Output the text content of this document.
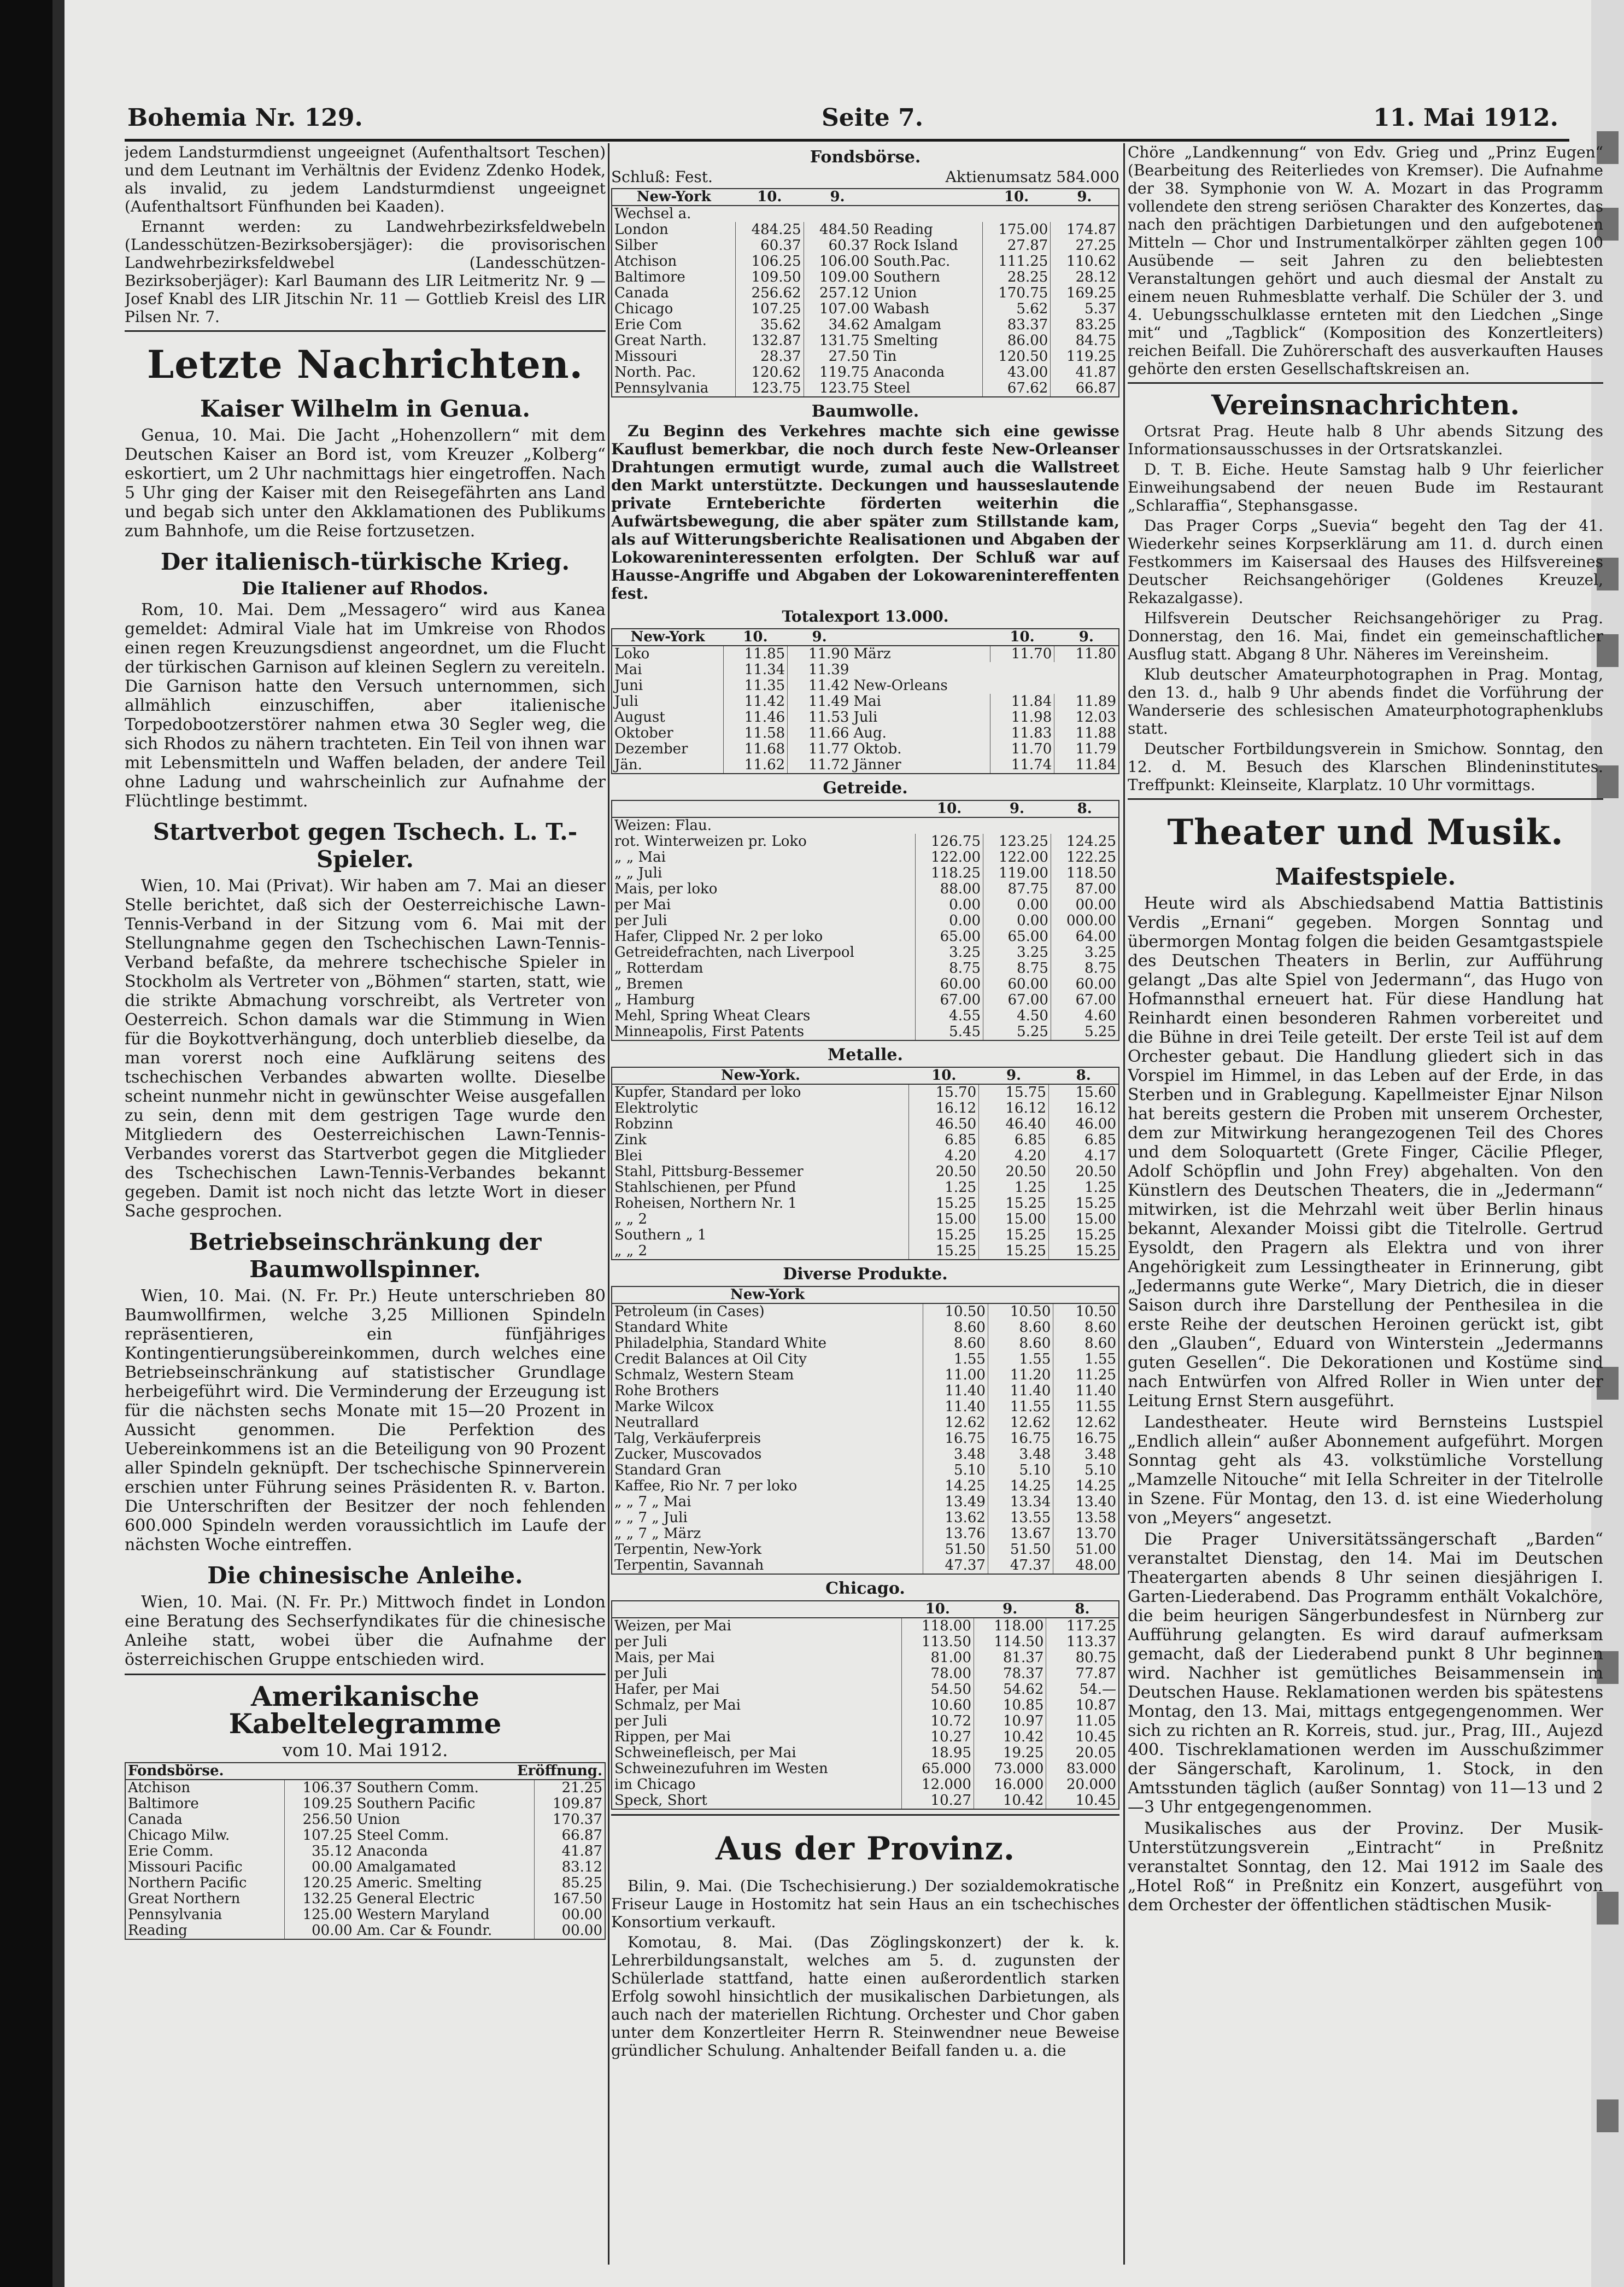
Bohemia Nr. 129.	Seite 7.	11. Mai 1912.

jedem Landsturmdienst ungeeignet (Aufenthaltsort Teschen) und dem Leutnant im Verhältnis der Evidenz Zdenko Hodek, als invalid, zu jedem Landsturmdienst ungeeignet (Aufenthaltsort Fünfhunden bei Kaaden).

Ernannt werden: zu Landwehrbezirksfeldwebeln (Landesschützen-Bezirksobersjäger): die provisorischen Landwehrbezirksfeldwebel (Landesschützen-Bezirksoberjäger): Karl Baumann des LIR Leitmeritz Nr. 9 — Josef Knabl des LIR Jitschin Nr. 11 — Gottlieb Kreisl des LIR Pilsen Nr. 7.

Letzte Nachrichten.
Kaiser Wilhelm in Genua.

Genua, 10. Mai. Die Jacht „Hohenzollern“ mit dem Deutschen Kaiser an Bord ist, vom Kreuzer „Kolberg“ eskortiert, um 2 Uhr nachmittags hier eingetroffen. Nach 5 Uhr ging der Kaiser mit den Reisegefährten ans Land und begab sich unter den Akklamationen des Publikums zum Bahnhofe, um die Reise fortzusetzen.

Der italienisch-türkische Krieg.
Die Italiener auf Rhodos.

Rom, 10. Mai. Dem „Messagero“ wird aus Kanea gemeldet: Admiral Viale hat im Umkreise von Rhodos einen regen Kreuzungsdienst angeordnet, um die Flucht der türkischen Garnison auf kleinen Seglern zu vereiteln. Die Garnison hatte den Versuch unternommen, sich allmählich einzuschiffen, aber italienische Torpedobootzerstörer nahmen etwa 30 Segler weg, die sich Rhodos zu nähern trachteten. Ein Teil von ihnen war mit Lebensmitteln und Waffen beladen, der andere Teil ohne Ladung und wahrscheinlich zur Aufnahme der Flüchtlinge bestimmt.

Startverbot gegen Tschech. L. T.-Spieler.

Wien, 10. Mai (Privat). Wir haben am 7. Mai an dieser Stelle berichtet, daß sich der Oesterreichische Lawn-Tennis-Verband in der Sitzung vom 6. Mai mit der Stellungnahme gegen den Tschechischen Lawn-Tennis-Verband befaßte, da mehrere tschechische Spieler in Stockholm als Vertreter von „Böhmen“ starten, statt, wie die strikte Abmachung vorschreibt, als Vertreter von Oesterreich. Schon damals war die Stimmung in Wien für die Boykottverhängung, doch unterblieb dieselbe, da man vorerst noch eine Aufklärung seitens des tschechischen Verbandes abwarten wollte. Dieselbe scheint nunmehr nicht in gewünschter Weise ausgefallen zu sein, denn mit dem gestrigen Tage wurde den Mitgliedern des Oesterreichischen Lawn-Tennis-Verbandes vorerst das Startverbot gegen die Mitglieder des Tschechischen Lawn-Tennis-Verbandes bekannt gegeben. Damit ist noch nicht das letzte Wort in dieser Sache gesprochen.

Betriebseinschränkung der Baumwollspinner.

Wien, 10. Mai. (N. Fr. Pr.) Heute unterschrieben 80 Baumwollfirmen, welche 3,25 Millionen Spindeln repräsentieren, ein fünfjähriges Kontingentierungsübereinkommen, durch welches eine Betriebseinschränkung auf statistischer Grundlage herbeigeführt wird. Die Verminderung der Erzeugung ist für die nächsten sechs Monate mit 15—20 Prozent in Aussicht genommen. Die Perfektion des Uebereinkommens ist an die Beteiligung von 90 Prozent aller Spindeln geknüpft. Der tschechische Spinnerverein erschien unter Führung seines Präsidenten R. v. Barton. Die Unterschriften der Besitzer der noch fehlenden 600.000 Spindeln werden voraussichtlich im Laufe der nächsten Woche eintreffen.

Die chinesische Anleihe.

Wien, 10. Mai. (N. Fr. Pr.) Mittwoch findet in London eine Beratung des Sechserfyndikates für die chinesische Anleihe statt, wobei über die Aufnahme der österreichischen Gruppe entschieden wird.

Amerikanische Kabeltelegramme
vom 10. Mai 1912.
Fondsbörse.		Eröffnung.	
Atchison	106.37	Southern Comm.	21.25
Baltimore	109.25	Southern Pacific	109.87
Canada	256.50	Union	170.37
Chicago Milw.	107.25	Steel Comm.	66.87
Erie Comm.	35.12	Anaconda	41.87
Missouri Pacific	00.00	Amalgamated	83.12
Northern Pacific	120.25	Americ. Smelting	85.25
Great Northern	132.25	General Electric	167.50
Pennsylvania	125.00	Western Maryland	00.00
Reading	00.00	Am. Car & Foundr.	00.00
Fondsbörse.
Schluß: Fest.	Aktienumsatz 584.000
New-York	10.	9.		10.	9.
Wechsel a.					
London	484.25	484.50	Reading	175.00	174.87
Silber	60.37	60.37	Rock Island	27.87	27.25
Atchison	106.25	106.00	South.Pac.	111.25	110.62
Baltimore	109.50	109.00	Southern	28.25	28.12
Canada	256.62	257.12	Union	170.75	169.25
Chicago	107.25	107.00	Wabash	5.62	5.37
Erie Com	35.62	34.62	Amalgam	83.37	83.25
Great Narth.	132.87	131.75	Smelting	86.00	84.75
Missouri	28.37	27.50	Tin	120.50	119.25
North. Pac.	120.62	119.75	Anaconda	43.00	41.87
Pennsylvania	123.75	123.75	Steel	67.62	66.87
Baumwolle.

Zu Beginn des Verkehres machte sich eine gewisse Kauflust bemerkbar, die noch durch feste New-Orleanser Drahtungen ermutigt wurde, zumal auch die Wallstreet den Markt unterstützte. Deckungen und hausseslautende private Ernteberichte förderten weiterhin die Aufwärtsbewegung, die aber später zum Stillstande kam, als auf Witterungsberichte Realisationen und Abgaben der Lokowareninteressenten erfolgten. Der Schluß war auf Hausse-Angriffe und Abgaben der Lokowarenintereffenten fest.

Totalexport 13.000.
New-York	10.	9.		10.	9.
Loko	11.85	11.90	März	11.70	11.80
Mai	11.34	11.39			
Juni	11.35	11.42	New-Orleans		
Juli	11.42	11.49	Mai	11.84	11.89
August	11.46	11.53	Juli	11.98	12.03
Oktober	11.58	11.66	Aug.	11.83	11.88
Dezember	11.68	11.77	Oktob.	11.70	11.79
Jän.	11.62	11.72	Jänner	11.74	11.84
Getreide.
	10.	9.	8.
Weizen: Flau.			
rot. Winterweizen pr. Loko	126.75	123.25	124.25
„ „ Mai	122.00	122.00	122.25
„ „ Juli	118.25	119.00	118.50
Mais, per loko	88.00	87.75	87.00
per Mai	0.00	0.00	00.00
per Juli	0.00	0.00	000.00
Hafer, Clipped Nr. 2 per loko	65.00	65.00	64.00
Getreidefrachten, nach Liverpool	3.25	3.25	3.25
„ Rotterdam	8.75	8.75	8.75
„ Bremen	60.00	60.00	60.00
„ Hamburg	67.00	67.00	67.00
Mehl, Spring Wheat Clears	4.55	4.50	4.60
Minneapolis, First Patents	5.45	5.25	5.25
Metalle.
New-York.	10.	9.	8.
Kupfer, Standard per loko	15.70	15.75	15.60
Elektrolytic	16.12	16.12	16.12
Robzinn	46.50	46.40	46.00
Zink	6.85	6.85	6.85
Blei	4.20	4.20	4.17
Stahl, Pittsburg-Bessemer	20.50	20.50	20.50
Stahlschienen, per Pfund	1.25	1.25	1.25
Roheisen, Northern Nr. 1	15.25	15.25	15.25
„ „ 2	15.00	15.00	15.00
Southern „ 1	15.25	15.25	15.25
„ „ 2	15.25	15.25	15.25
Diverse Produkte.
New-York			
Petroleum (in Cases)	10.50	10.50	10.50
Standard White	8.60	8.60	8.60
Philadelphia, Standard White	8.60	8.60	8.60
Credit Balances at Oil City	1.55	1.55	1.55
Schmalz, Western Steam	11.00	11.20	11.25
Rohe Brothers	11.40	11.40	11.40
Marke Wilcox	11.40	11.55	11.55
Neutrallard	12.62	12.62	12.62
Talg, Verkäuferpreis	16.75	16.75	16.75
Zucker, Muscovados	3.48	3.48	3.48
Standard Gran	5.10	5.10	5.10
Kaffee, Rio Nr. 7 per loko	14.25	14.25	14.25
„ „ 7 „ Mai	13.49	13.34	13.40
„ „ 7 „ Juli	13.62	13.55	13.58
„ „ 7 „ März	13.76	13.67	13.70
Terpentin, New-York	51.50	51.50	51.00
Terpentin, Savannah	47.37	47.37	48.00
Chicago.
	10.	9.	8.
Weizen, per Mai	118.00	118.00	117.25
per Juli	113.50	114.50	113.37
Mais, per Mai	81.00	81.37	80.75
per Juli	78.00	78.37	77.87
Hafer, per Mai	54.50	54.62	54.—
Schmalz, per Mai	10.60	10.85	10.87
per Juli	10.72	10.97	11.05
Rippen, per Mai	10.27	10.42	10.45
Schweinefleisch, per Mai	18.95	19.25	20.05
Schweinezufuhren im Westen	65.000	73.000	83.000
im Chicago	12.000	16.000	20.000
Speck, Short	10.27	10.42	10.45
Aus der Provinz.

Bilin, 9. Mai. (Die Tschechisierung.) Der sozialdemokratische Friseur Lauge in Hostomitz hat sein Haus an ein tschechisches Konsortium verkauft.

Komotau, 8. Mai. (Das Zöglingskonzert) der k. k. Lehrerbildungsanstalt, welches am 5. d. zugunsten der Schülerlade stattfand, hatte einen außerordentlich starken Erfolg sowohl hinsichtlich der musikalischen Darbietungen, als auch nach der materiellen Richtung. Orchester und Chor gaben unter dem Konzertleiter Herrn R. Steinwendner neue Beweise gründlicher Schulung. Anhaltender Beifall fanden u. a. die

Chöre „Landkennung“ von Edv. Grieg und „Prinz Eugen“ (Bearbeitung des Reiterliedes von Kremser). Die Aufnahme der 38. Symphonie von W. A. Mozart in das Programm vollendete den streng seriösen Charakter des Konzertes, das nach den prächtigen Darbietungen und den aufgebotenen Mitteln — Chor und Instrumentalkörper zählten gegen 100 Ausübende — seit Jahren zu den beliebtesten Veranstaltungen gehört und auch diesmal der Anstalt zu einem neuen Ruhmesblatte verhalf. Die Schüler der 3. und 4. Uebungsschulklasse ernteten mit den Liedchen „Singe mit“ und „Tagblick“ (Komposition des Konzertleiters) reichen Beifall. Die Zuhörerschaft des ausverkauften Hauses gehörte den ersten Gesellschaftskreisen an.

Vereinsnachrichten.

Ortsrat Prag. Heute halb 8 Uhr abends Sitzung des Informationsausschusses in der Ortsratskanzlei.

D. T. B. Eiche. Heute Samstag halb 9 Uhr feierlicher Einweihungsabend der neuen Bude im Restaurant „Schlaraffia“, Stephansgasse.

Das Prager Corps „Suevia“ begeht den Tag der 41. Wiederkehr seines Korpserklärung am 11. d. durch einen Festkommers im Kaisersaal des Hauses des Hilfsvereines Deutscher Reichsangehöriger (Goldenes Kreuzel, Rekazalgasse).

Hilfsverein Deutscher Reichsangehöriger zu Prag. Donnerstag, den 16. Mai, findet ein gemeinschaftlicher Ausflug statt. Abgang 8 Uhr. Näheres im Vereinsheim.

Klub deutscher Amateurphotographen in Prag. Montag, den 13. d., halb 9 Uhr abends findet die Vorführung der Wanderserie des schlesischen Amateurphotographenklubs statt.

Deutscher Fortbildungsverein in Smichow. Sonntag, den 12. d. M. Besuch des Klarschen Blindeninstitutes. Treffpunkt: Kleinseite, Klarplatz. 10 Uhr vormittags.

Theater und Musik.
Maifestspiele.

Heute wird als Abschiedsabend Mattia Battistinis Verdis „Ernani“ gegeben. Morgen Sonntag und übermorgen Montag folgen die beiden Gesamtgastspiele des Deutschen Theaters in Berlin, zur Aufführung gelangt „Das alte Spiel von Jedermann“, das Hugo von Hofmannsthal erneuert hat. Für diese Handlung hat Reinhardt einen besonderen Rahmen vorbereitet und die Bühne in drei Teile geteilt. Der erste Teil ist auf dem Orchester gebaut. Die Handlung gliedert sich in das Vorspiel im Himmel, in das Leben auf der Erde, in das Sterben und in Grablegung. Kapellmeister Ejnar Nilson hat bereits gestern die Proben mit unserem Orchester, dem zur Mitwirkung herangezogenen Teil des Chores und dem Soloquartett (Grete Finger, Cäcilie Pfleger, Adolf Schöpflin und John Frey) abgehalten. Von den Künstlern des Deutschen Theaters, die in „Jedermann“ mitwirken, ist die Mehrzahl weit über Berlin hinaus bekannt, Alexander Moissi gibt die Titelrolle. Gertrud Eysoldt, den Pragern als Elektra und von ihrer Angehörigkeit zum Lessingtheater in Erinnerung, gibt „Jedermanns gute Werke“, Mary Dietrich, die in dieser Saison durch ihre Darstellung der Penthesilea in die erste Reihe der deutschen Heroinen gerückt ist, gibt den „Glauben“, Eduard von Winterstein „Jedermanns guten Gesellen“. Die Dekorationen und Kostüme sind nach Entwürfen von Alfred Roller in Wien unter der Leitung Ernst Stern ausgeführt.

Landestheater. Heute wird Bernsteins Lustspiel „Endlich allein“ außer Abonnement aufgeführt. Morgen Sonntag geht als 43. volkstümliche Vorstellung „Mamzelle Nitouche“ mit Iella Schreiter in der Titelrolle in Szene. Für Montag, den 13. d. ist eine Wiederholung von „Meyers“ angesetzt.

Die Prager Universitätssängerschaft „Barden“ veranstaltet Dienstag, den 14. Mai im Deutschen Theatergarten abends 8 Uhr seinen diesjährigen I. Garten-Liederabend. Das Programm enthält Vokalchöre, die beim heurigen Sängerbundesfest in Nürnberg zur Aufführung gelangten. Es wird darauf aufmerksam gemacht, daß der Liederabend punkt 8 Uhr beginnen wird. Nachher ist gemütliches Beisammensein im Deutschen Hause. Reklamationen werden bis spätestens Montag, den 13. Mai, mittags entgegengenommen. Wer sich zu richten an R. Korreis, stud. jur., Prag, III., Aujezd 400. Tischreklamationen werden im Ausschußzimmer der Sängerschaft, Karolinum, 1. Stock, in den Amtsstunden täglich (außer Sonntag) von 11—13 und 2—3 Uhr entgegengenommen.

Musikalisches aus der Provinz. Der Musik-Unterstützungsverein „Eintracht“ in Preßnitz veranstaltet Sonntag, den 12. Mai 1912 im Saale des „Hotel Roß“ in Preßnitz ein Konzert, ausgeführt von dem Orchester der öffentlichen städtischen Musik-
